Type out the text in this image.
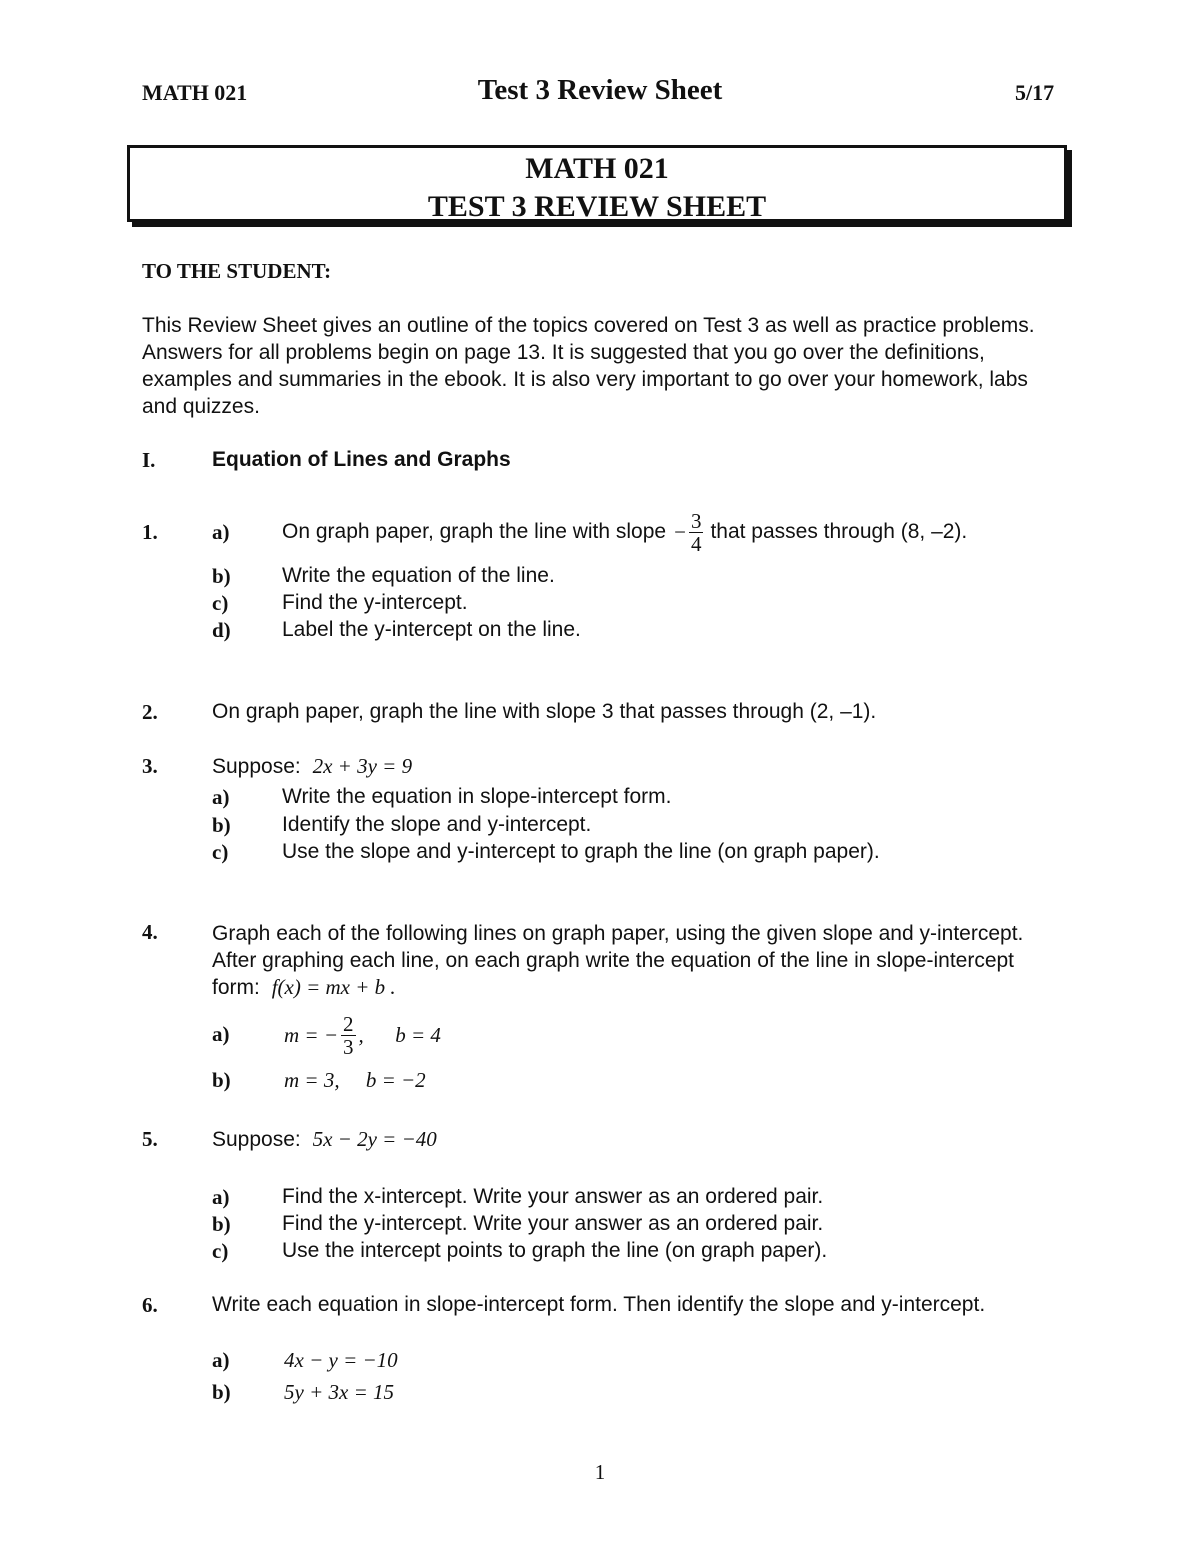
MATH 021	Test 3 Review Sheet	5/17
MATH 021
TEST 3 REVIEW SHEET
TO THE STUDENT:
This Review Sheet gives an outline of the topics covered on Test 3 as well as practice problems.
Answers for all problems begin on page 13. It is suggested that you go over the definitions,
examples and summaries in the ebook. It is also very important to go over your homework, labs
and quizzes.
I.	Equation of Lines and Graphs
1.	a)	On graph paper, graph the line with slope − $\frac{3}{4}$ that passes through (8, –2).
b) Write the equation of the line.
c)	Find the y-intercept.
d) Label the y-intercept on the line.
2.	On graph paper, graph the line with slope 3 that passes through (2, –1).
3.	Suppose: 2x + 3y = 9
a)	Write the equation in slope-intercept form.
b) Identify the slope and y-intercept.
c)	Use the slope and y-intercept to graph the line (on graph paper).
4.	Graph each of the following lines on graph paper, using the given slope and y-intercept.
After graphing each line, on each graph write the equation of the line in slope-intercept
form: f(x) = mx + b .
a)	m = − $\frac{2}{3}$ ,      b = 4
b)	m = 3,     b = −2
5.	Suppose: 5x − 2y = −40
a)	Find the x-intercept. Write your answer as an ordered pair.
b) Find the y-intercept. Write your answer as an ordered pair.
c)	Use the intercept points to graph the line (on graph paper).
6.	Write each equation in slope-intercept form. Then identify the slope and y-intercept.
a)	4x − y = −10
b)	5y + 3x = 15
1
